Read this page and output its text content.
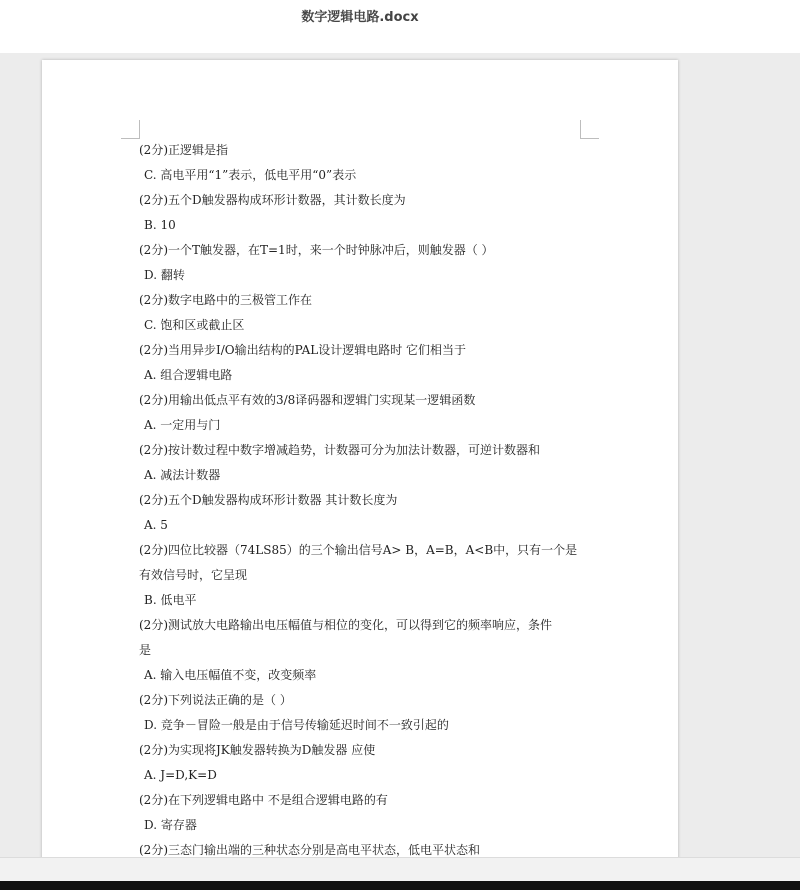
数字逻辑电路.docx
(2分)正逻辑是指
C. 高电平用“1”表示，低电平用“0”表示
(2分)五个D触发器构成环形计数器，其计数长度为
B. 10
(2分)一个T触发器，在T=1时，来一个时钟脉冲后，则触发器（ ）
D. 翻转
(2分)数字电路中的三极管工作在
C. 饱和区或截止区
(2分)当用异步I/O输出结构的PAL设计逻辑电路时 它们相当于
A. 组合逻辑电路
(2分)用输出低点平有效的3/8译码器和逻辑门实现某一逻辑函数
A. 一定用与门
(2分)按计数过程中数字增减趋势，计数器可分为加法计数器，可逆计数器和
A. 减法计数器
(2分)五个D触发器构成环形计数器 其计数长度为
A. 5
(2分)四位比较器（74LS85）的三个输出信号A> B，A=B，A<B中，只有一个是
有效信号时，它呈现
B. 低电平
(2分)测试放大电路输出电压幅值与相位的变化，可以得到它的频率响应，条件
是
A. 输入电压幅值不变，改变频率
(2分)下列说法正确的是（ ）
D. 竞争－冒险一般是由于信号传输延迟时间不一致引起的
(2分)为实现将JK触发器转换为D触发器 应使
A. J=D,K=D
(2分)在下列逻辑电路中 不是组合逻辑电路的有
D. 寄存器
(2分)三态门输出端的三种状态分别是高电平状态，低电平状态和
